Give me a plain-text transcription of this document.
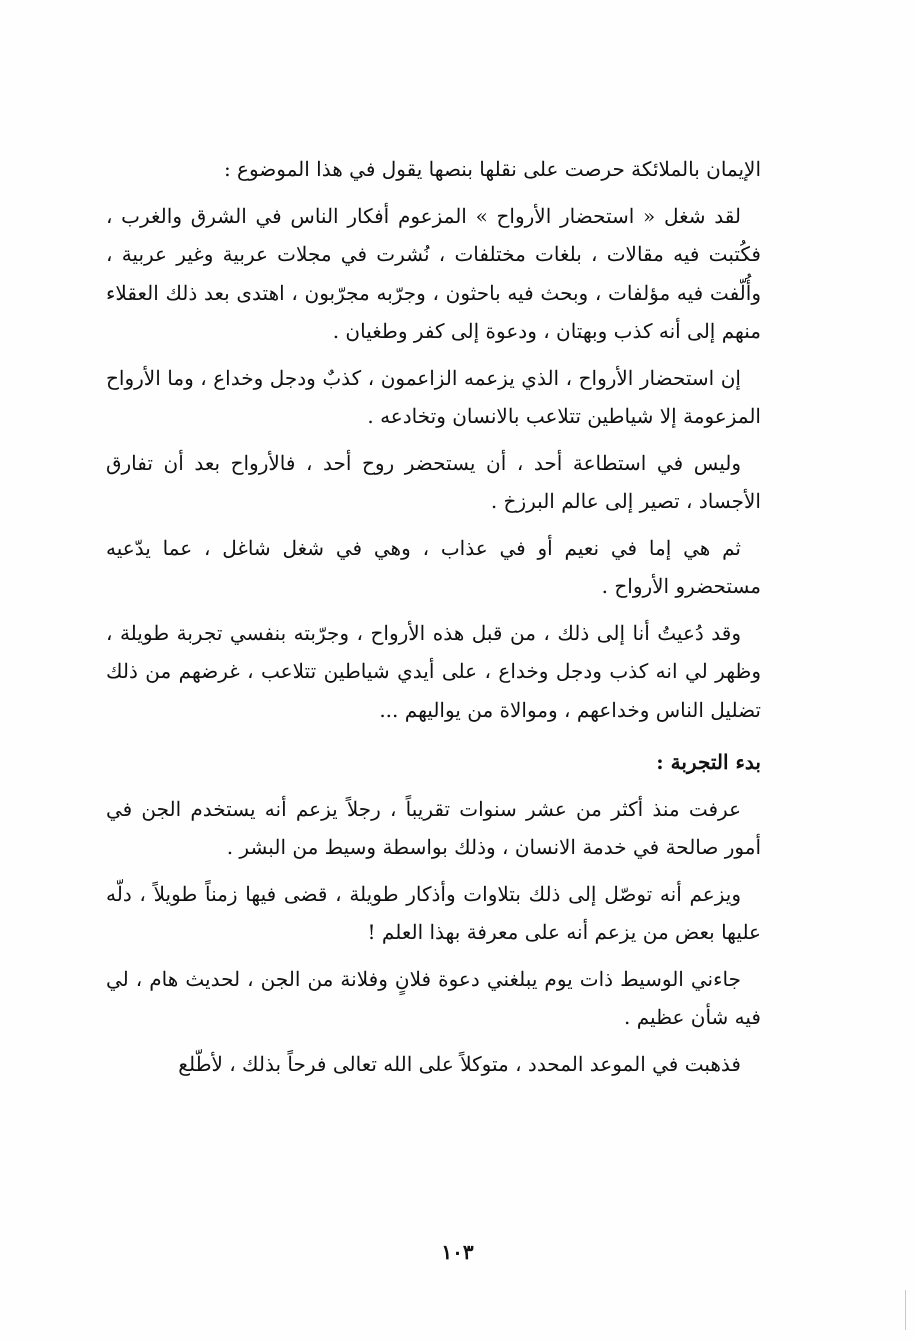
الإيمان بالملائكة حرصت على نقلها بنصها يقول في هذا الموضوع :

لقد شغل « استحضار الأرواح » المزعوم أفكار الناس في الشرق والغرب ، فكُتبت فيه مقالات ، بلغات مختلفات ، نُشرت في مجلات عربية وغير عربية ، وأُلّفت فيه مؤلفات ، وبحث فيه باحثون ، وجرّبه مجرّبون ، اهتدى بعد ذلك العقلاء منهم إلى أنه كذب وبهتان ، ودعوة إلى كفر وطغيان .

إن استحضار الأرواح ، الذي يزعمه الزاعمون ، كذبٌ ودجل وخداع ، وما الأرواح المزعومة إلا شياطين تتلاعب بالانسان وتخادعه .

وليس في استطاعة أحد ، أن يستحضر روح أحد ، فالأرواح بعد أن تفارق الأجساد ، تصير إلى عالم البرزخ .

ثم هي إما في نعيم أو في عذاب ، وهي في شغل شاغل ، عما يدّعيه مستحضرو الأرواح .

وقد دُعيتُ أنا إلى ذلك ، من قبل هذه الأرواح ، وجرّبته بنفسي تجربة طويلة ، وظهر لي انه كذب ودجل وخداع ، على أيدي شياطين تتلاعب ، غرضهم من ذلك تضليل الناس وخداعهم ، وموالاة من يواليهم ...

بدء التجربة :

عرفت منذ أكثر من عشر سنوات تقريباً ، رجلاً يزعم أنه يستخدم الجن في أمور صالحة في خدمة الانسان ، وذلك بواسطة وسيط من البشر .

ويزعم أنه توصّل إلى ذلك بتلاوات وأذكار طويلة ، قضى فيها زمناً طويلاً ، دلّه عليها بعض من يزعم أنه على معرفة بهذا العلم !

جاءني الوسيط ذات يوم يبلغني دعوة فلانٍ وفلانة من الجن ، لحديث هام ، لي فيه شأن عظيم .

فذهبت في الموعد المحدد ، متوكلاً على الله تعالى فرحاً بذلك ، لأطّلع

١٠٣
